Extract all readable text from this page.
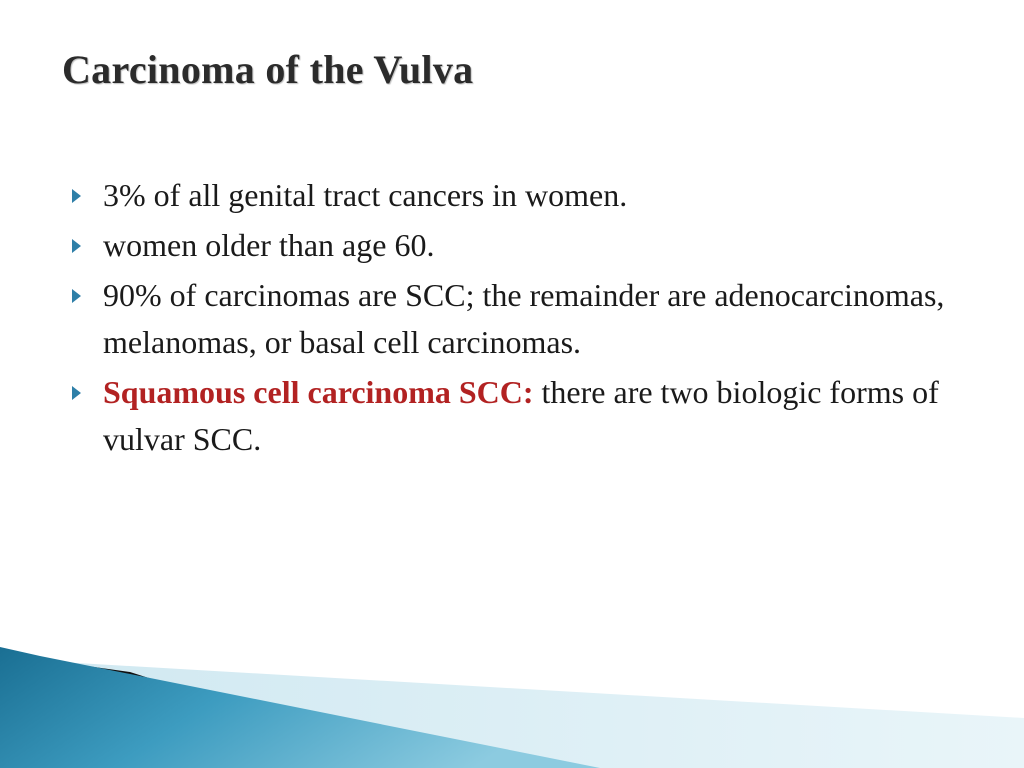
Carcinoma of the Vulva
3% of all genital tract cancers in women.
women older than age 60.
90% of carcinomas are SCC; the remainder are adenocarcinomas, melanomas, or basal cell carcinomas.
Squamous cell carcinoma SCC: there are two biologic forms of vulvar SCC.
